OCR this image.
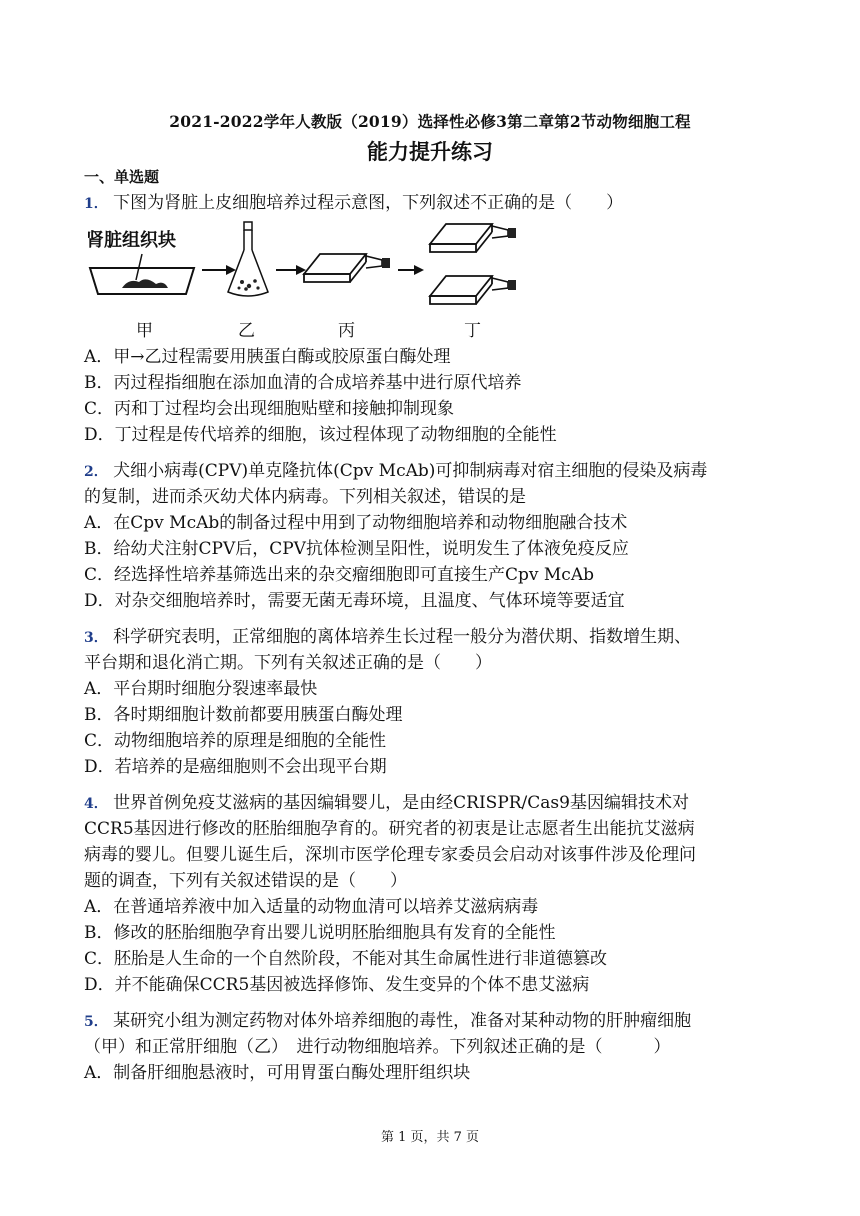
2021-2022学年人教版（2019）选择性必修3第二章第2节动物细胞工程
能力提升练习
一、单选题
1． 下图为肾脏上皮细胞培养过程示意图，下列叙述不正确的是（　　）
肾脏组织块
甲	乙	丙	丁
A．甲→乙过程需要用胰蛋白酶或胶原蛋白酶处理
B．丙过程指细胞在添加血清的合成培养基中进行原代培养
C．丙和丁过程均会出现细胞贴壁和接触抑制现象
D．丁过程是传代培养的细胞，该过程体现了动物细胞的全能性
2． 犬细小病毒(CPV)单克隆抗体(Cpv McAb)可抑制病毒对宿主细胞的侵染及病毒
的复制，进而杀灭幼犬体内病毒。下列相关叙述，错误的是
A．在Cpv McAb的制备过程中用到了动物细胞培养和动物细胞融合技术
B．给幼犬注射CPV后，CPV抗体检测呈阳性，说明发生了体液免疫反应
C．经选择性培养基筛选出来的杂交瘤细胞即可直接生产Cpv McAb
D．对杂交细胞培养时，需要无菌无毒环境，且温度、气体环境等要适宜
3． 科学研究表明，正常细胞的离体培养生长过程一般分为潜伏期、指数增生期、
平台期和退化消亡期。下列有关叙述正确的是（　　）
A．平台期时细胞分裂速率最快
B．各时期细胞计数前都要用胰蛋白酶处理
C．动物细胞培养的原理是细胞的全能性
D．若培养的是癌细胞则不会出现平台期
4． 世界首例免疫艾滋病的基因编辑婴儿，是由经CRISPR/Cas9基因编辑技术对
CCR5基因进行修改的胚胎细胞孕育的。研究者的初衷是让志愿者生出能抗艾滋病
病毒的婴儿。但婴儿诞生后，深圳市医学伦理专家委员会启动对该事件涉及伦理问
题的调查，下列有关叙述错误的是（　　）
A．在普通培养液中加入适量的动物血清可以培养艾滋病病毒
B．修改的胚胎细胞孕育出婴儿说明胚胎细胞具有发育的全能性
C．胚胎是人生命的一个自然阶段，不能对其生命属性进行非道德篡改
D．并不能确保CCR5基因被选择修饰、发生变异的个体不患艾滋病
5． 某研究小组为测定药物对体外培养细胞的毒性，准备对某种动物的肝肿瘤细胞
（甲）和正常肝细胞（乙）　进行动物细胞培养。下列叙述正确的是（　　　）
A．制备肝细胞悬液时，可用胃蛋白酶处理肝组织块
第 1 页，共 7 页
